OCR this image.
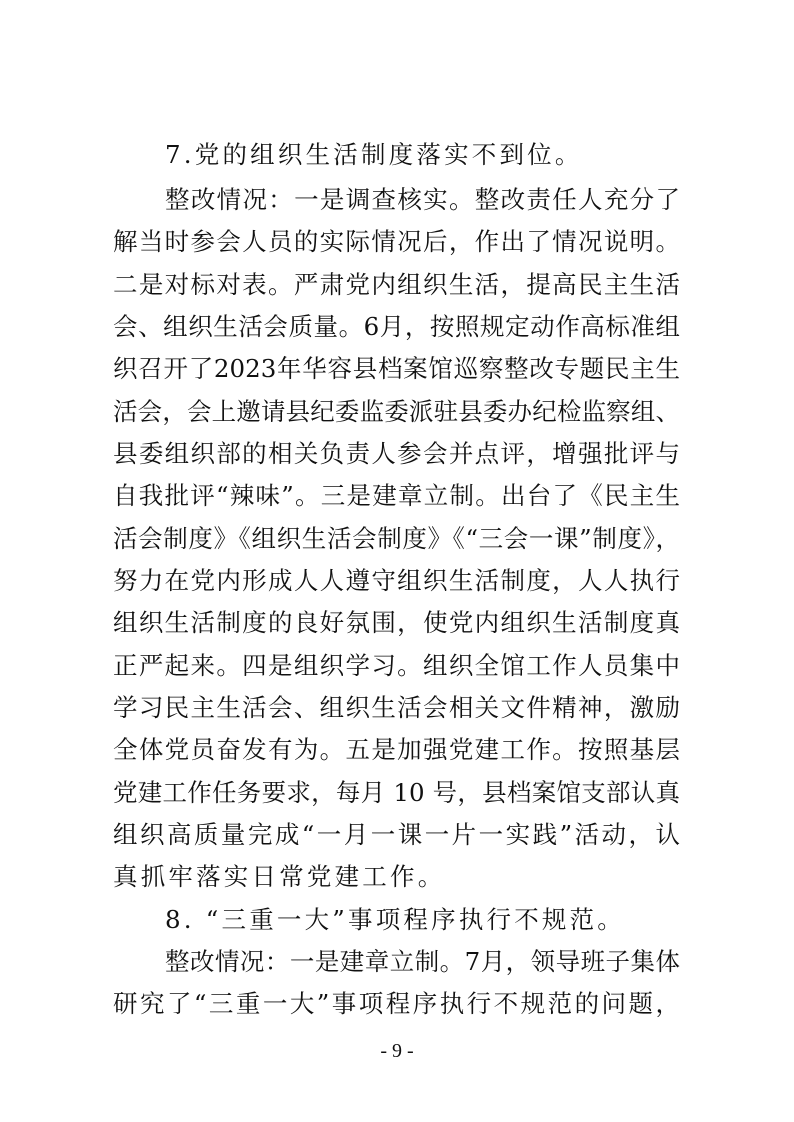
7.党的组织生活制度落实不到位。
整改情况：一是调查核实。整改责任人充分了
解当时参会人员的实际情况后，作出了情况说明。
二是对标对表。严肃党内组织生活，提高民主生活
会、组织生活会质量。6月，按照规定动作高标准组
织召开了2023年华容县档案馆巡察整改专题民主生
活会，会上邀请县纪委监委派驻县委办纪检监察组、
县委组织部的相关负责人参会并点评，增强批评与
自我批评“辣味”。三是建章立制。出台了《民主生
活会制度》《组织生活会制度》《“三会一课”制度》，
努力在党内形成人人遵守组织生活制度，人人执行
组织生活制度的良好氛围，使党内组织生活制度真
正严起来。四是组织学习。组织全馆工作人员集中
学习民主生活会、组织生活会相关文件精神，激励
全体党员奋发有为。五是加强党建工作。按照基层
党建工作任务要求，每月 10 号，县档案馆支部认真
组织高质量完成“一月一课一片一实践”活动，认
真抓牢落实日常党建工作。
8. “三重一大”事项程序执行不规范。
整改情况：一是建章立制。7月，领导班子集体
研究了“三重一大”事项程序执行不规范的问题，
- 9 -
